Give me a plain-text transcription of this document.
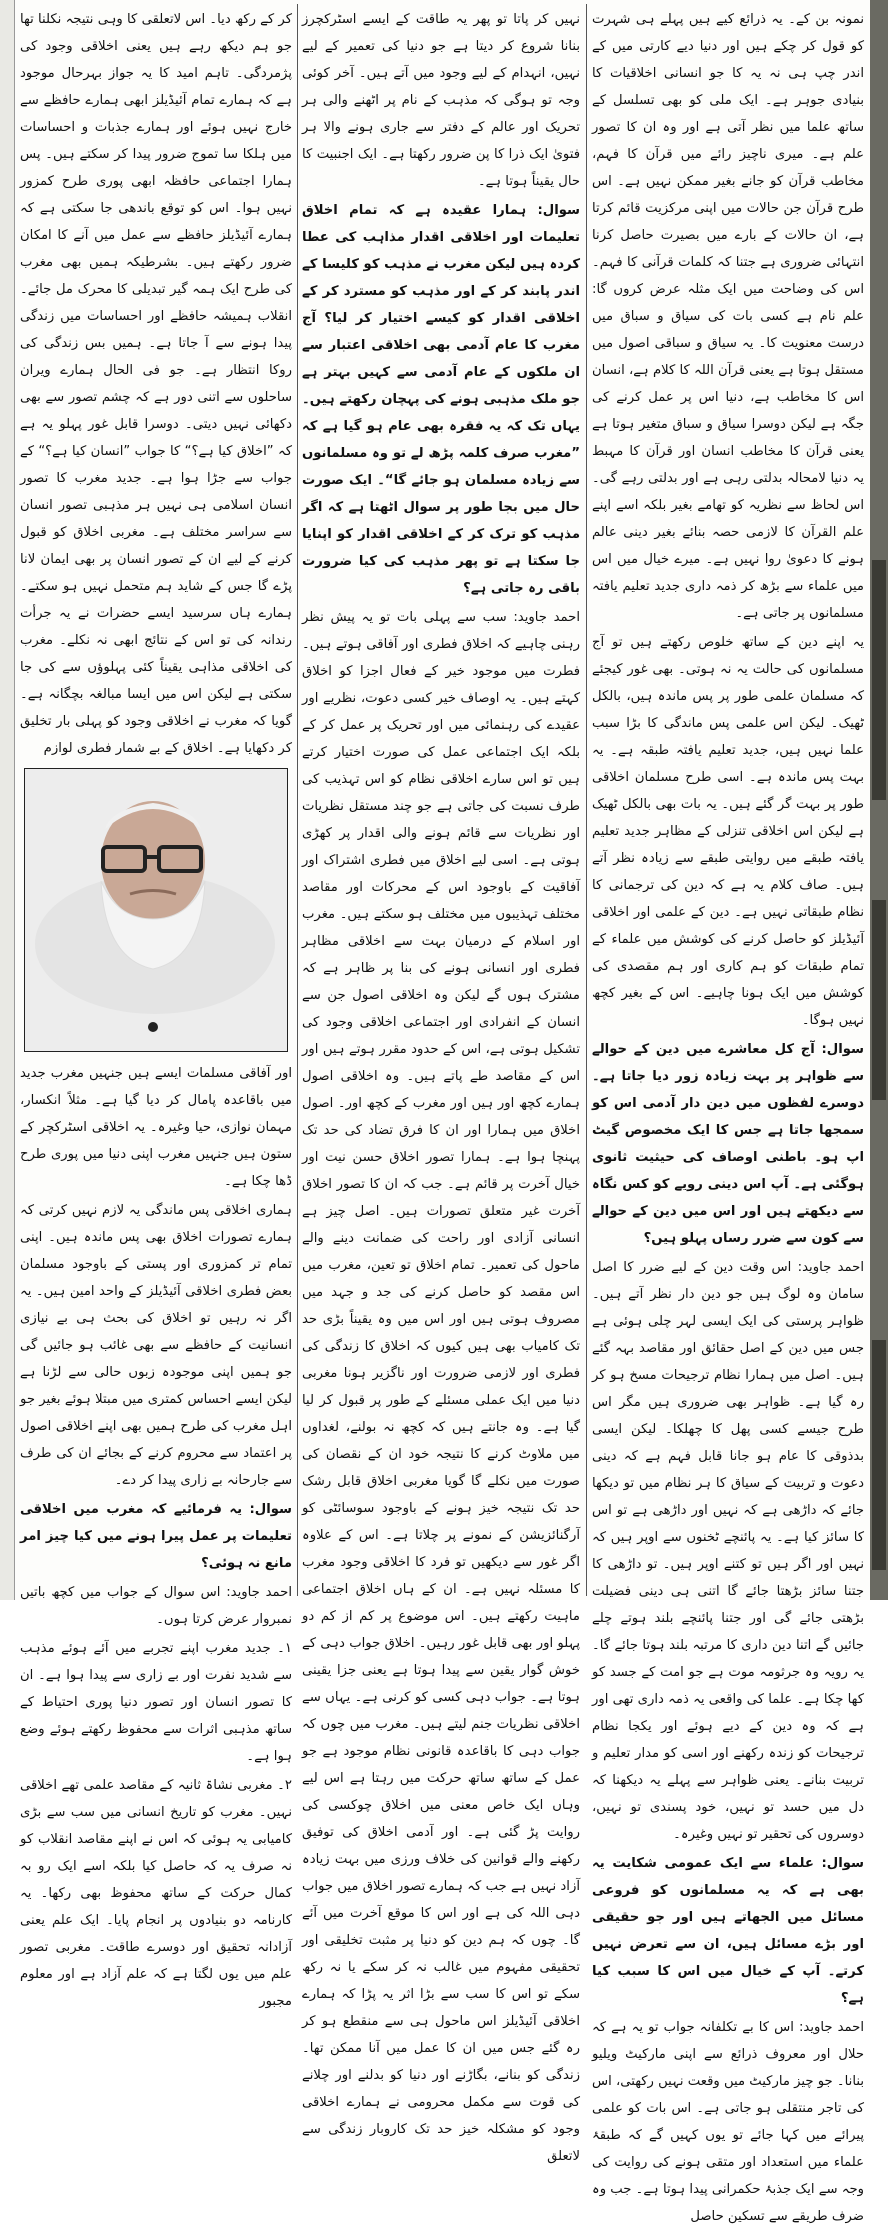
نمونہ بن کے۔ یہ ذرائع کیے ہیں پہلے ہی شہرت کو قول کر چکے ہیں اور دنیا دیے کارتی میں کے اندر چپ ہی نہ یہ کا جو انسانی اخلاقیات کا بنیادی جوہر ہے۔ ایک ملی کو بھی تسلسل کے ساتھ علما میں نظر آتی ہے اور وہ ان کا تصور علم ہے۔ میری ناچیز رائے میں قرآن کا فہم، مخاطب قرآن کو جانے بغیر ممکن نہیں ہے۔ اس طرح قرآن جن حالات میں اپنی مرکزیت قائم کرتا ہے، ان حالات کے بارے میں بصیرت حاصل کرنا انتہائی ضروری ہے جتنا کہ کلمات قرآنی کا فہم۔ اس کی وضاحت میں ایک مثلہ عرض کروں گا: علم نام ہے کسی بات کی سیاق و سباق میں درست معنویت کا۔ یہ سیاق و سباقی اصول میں مستقل ہوتا ہے یعنی قرآن اللہ کا کلام ہے، انسان اس کا مخاطب ہے، دنیا اس پر عمل کرنے کی جگہ ہے لیکن دوسرا سیاق و سباق متغیر ہوتا ہے یعنی قرآن کا مخاطب انسان اور قرآن کا مہبط یہ دنیا لامحالہ بدلتی رہی ہے اور بدلتی رہے گی۔ اس لحاظ سے نظریہ کو تھامے بغیر بلکہ اسے اپنے علم القرآن کا لازمی حصہ بنائے بغیر دینی عالم ہونے کا دعویٰ روا نہیں ہے۔ میرے خیال میں اس میں علماء سے بڑھ کر ذمہ داری جدید تعلیم یافتہ مسلمانوں پر جاتی ہے۔

یہ اپنے دین کے ساتھ خلوص رکھتے ہیں تو آج مسلمانوں کی حالت یہ نہ ہوتی۔ بھی غور کیجئے کہ مسلمان علمی طور پر پس ماندہ ہیں، بالکل ٹھیک۔ لیکن اس علمی پس ماندگی کا بڑا سبب علما نہیں ہیں، جدید تعلیم یافتہ طبقہ ہے۔ یہ بہت پس ماندہ ہے۔ اسی طرح مسلمان اخلاقی طور پر بہت گر گئے ہیں۔ یہ بات بھی بالکل ٹھیک ہے لیکن اس اخلاقی تنزلی کے مظاہر جدید تعلیم یافتہ طبقے میں روایتی طبقے سے زیادہ نظر آتے ہیں۔ صاف کلام یہ ہے کہ دین کی ترجمانی کا نظام طبقاتی نہیں ہے۔ دین کے علمی اور اخلاقی آئیڈیلز کو حاصل کرنے کی کوشش میں علماء کے تمام طبقات کو ہم کاری اور ہم مقصدی کی کوشش میں ایک ہونا چاہیے۔ اس کے بغیر کچھ نہیں ہوگا۔

سوال: آج کل معاشرے میں دین کے حوالے سے ظواہر پر بہت زیادہ زور دیا جاتا ہے۔ دوسرے لفظوں میں دین دار آدمی اس کو سمجھا جاتا ہے جس کا ایک مخصوص گیٹ اپ ہو۔ باطنی اوصاف کی حیثیت ثانوی ہوگئی ہے۔ آپ اس دینی رویے کو کس نگاہ سے دیکھتے ہیں اور اس میں دین کے حوالے سے کون سے ضرر رساں پہلو ہیں؟

احمد جاوید: اس وقت دین کے لیے ضرر کا اصل سامان وہ لوگ ہیں جو دین دار نظر آتے ہیں۔ ظواہر پرستی کی ایک ایسی لہر چلی ہوئی ہے جس میں دین کے اصل حقائق اور مقاصد بہہ گئے ہیں۔ اصل میں ہمارا نظام ترجیحات مسخ ہو کر رہ گیا ہے۔ ظواہر بھی ضروری ہیں مگر اس طرح جیسے کسی پھل کا چھلکا۔ لیکن ایسی بدذوقی کا عام ہو جانا قابل فہم ہے کہ دینی دعوت و تربیت کے سیاق کا ہر نظام میں تو دیکھا جائے کہ داڑھی ہے کہ نہیں اور داڑھی ہے تو اس کا سائز کیا ہے۔ یہ پائنچے ٹخنوں سے اوپر ہیں کہ نہیں اور اگر ہیں تو کتنے اوپر ہیں۔ تو داڑھی کا جتنا سائز بڑھتا جائے گا اتنی ہی دینی فضیلت بڑھتی جائے گی اور جتنا پائنچے بلند ہوتے چلے جائیں گے اتنا دین داری کا مرتبہ بلند ہوتا جائے گا۔ یہ رویہ وہ جرثومہ موت ہے جو امت کے جسد کو کھا چکا ہے۔ علما کی واقعی یہ ذمہ داری تھی اور ہے کہ وہ دین کے دیے ہوئے اور یکجا نظام ترجیحات کو زندہ رکھنے اور اسی کو مدار تعلیم و تربیت بنانے۔ یعنی ظواہر سے پہلے یہ دیکھنا کہ دل میں حسد تو نہیں، خود پسندی تو نہیں، دوسروں کی تحقیر تو نہیں وغیرہ۔

سوال: علماء سے ایک عمومی شکایت یہ بھی ہے کہ یہ مسلمانوں کو فروعی مسائل میں الجھاتے ہیں اور جو حقیقی اور بڑے مسائل ہیں، ان سے تعرض نہیں کرتے۔ آپ کے خیال میں اس کا سبب کیا ہے؟

احمد جاوید: اس کا بے تکلفانہ جواب تو یہ ہے کہ حلال اور معروف ذرائع سے اپنی مارکیٹ ویلیو بنانا۔ جو چیز مارکیٹ میں وقعت نہیں رکھتی، اس کی تاجر منتقلی ہو جاتی ہے۔ اس بات کو علمی پیرائے میں کہا جائے تو یوں کہیں گے کہ طبقۂ علماء میں استعداد اور متقی ہونے کی روایت کی وجہ سے ایک جذبۂ حکمرانی پیدا ہوتا ہے۔ جب وہ ضرف طریقے سے تسکین حاصل

نہیں کر پاتا تو پھر یہ طاقت کے ایسے اسٹرکچرز بنانا شروع کر دیتا ہے جو دنیا کی تعمیر کے لیے نہیں، انہدام کے لیے وجود میں آتے ہیں۔ آخر کوئی وجہ تو ہوگی کہ مذہب کے نام پر اٹھنے والی ہر تحریک اور عالم کے دفتر سے جاری ہونے والا ہر فتویٰ ایک ذرا کا پن ضرور رکھتا ہے۔ ایک اجنبیت کا حال یقیناً ہوتا ہے۔

سوال: ہمارا عقیدہ ہے کہ تمام اخلاق تعلیمات اور اخلاقی اقدار مذاہب کی عطا کردہ ہیں لیکن مغرب نے مذہب کو کلیسا کے اندر پابند کر کے اور مذہب کو مسترد کر کے اخلاقی اقدار کو کیسے اختیار کر لیا؟ آج مغرب کا عام آدمی بھی اخلاقی اعتبار سے ان ملکوں کے عام آدمی سے کہیں بہتر ہے جو ملک مذہبی ہونے کی پہچان رکھتے ہیں۔ یہاں تک کہ یہ فقرہ بھی عام ہو گیا ہے کہ ”مغرب صرف کلمہ پڑھ لے تو وہ مسلمانوں سے زیادہ مسلمان ہو جائے گا“۔ ایک صورت حال میں بجا طور پر سوال اٹھتا ہے کہ اگر مذہب کو ترک کر کے اخلاقی اقدار کو اپنایا جا سکتا ہے تو پھر مذہب کی کیا ضرورت باقی رہ جاتی ہے؟

احمد جاوید: سب سے پہلی بات تو یہ پیش نظر رہنی چاہیے کہ اخلاق فطری اور آفاقی ہوتے ہیں۔ فطرت میں موجود خیر کے فعال اجزا کو اخلاق کہتے ہیں۔ یہ اوصاف خیر کسی دعوت، نظریے اور عقیدے کی رہنمائی میں اور تحریک پر عمل کر کے بلکہ ایک اجتماعی عمل کی صورت اختیار کرتے ہیں تو اس سارے اخلاقی نظام کو اس تہذیب کی طرف نسبت کی جاتی ہے جو چند مستقل نظریات اور نظریات سے قائم ہونے والی اقدار پر کھڑی ہوتی ہے۔ اسی لیے اخلاق میں فطری اشتراک اور آفاقیت کے باوجود اس کے محرکات اور مقاصد مختلف تہذیبوں میں مختلف ہو سکتے ہیں۔ مغرب اور اسلام کے درمیان بہت سے اخلاقی مظاہر فطری اور انسانی ہونے کی بنا پر ظاہر ہے کہ مشترک ہوں گے لیکن وہ اخلاقی اصول جن سے انسان کے انفرادی اور اجتماعی اخلاقی وجود کی تشکیل ہوتی ہے، اس کے حدود مقرر ہوتے ہیں اور اس کے مقاصد طے پاتے ہیں۔ وہ اخلاقی اصول ہمارے کچھ اور ہیں اور مغرب کے کچھ اور۔ اصول اخلاق میں ہمارا اور ان کا فرق تضاد کی حد تک پہنچا ہوا ہے۔ ہمارا تصور اخلاق حسن نیت اور خیال آخرت پر قائم ہے۔ جب کہ ان کا تصور اخلاق آخرت غیر متعلق تصورات ہیں۔ اصل چیز ہے انسانی آزادی اور راحت کی ضمانت دینے والے ماحول کی تعمیر۔ تمام اخلاق تو تعین، مغرب میں اس مقصد کو حاصل کرنے کی جد و جہد میں مصروف ہوتی ہیں اور اس میں وہ یقیناً بڑی حد تک کامیاب بھی ہیں کیوں کہ اخلاق کا زندگی کی فطری اور لازمی ضرورت اور ناگزیر ہونا مغربی دنیا میں ایک عملی مسئلے کے طور پر قبول کر لیا گیا ہے۔ وہ جانتے ہیں کہ کچھ نہ بولنے، لغداوں میں ملاوٹ کرنے کا نتیجہ خود ان کے نقصان کی صورت میں نکلے گا گویا مغربی اخلاق قابل رشک حد تک نتیجہ خیز ہونے کے باوجود سوسائٹی کو آرگنائزیشن کے نمونے پر چلاتا ہے۔ اس کے علاوہ اگر غور سے دیکھیں تو فرد کا اخلاقی وجود مغرب کا مسئلہ نہیں ہے۔ ان کے ہاں اخلاق اجتماعی ماہیت رکھتے ہیں۔ اس موضوع پر کم از کم دو پہلو اور بھی قابل غور رہیں۔ اخلاق جواب دہی کے خوش گوار یقین سے پیدا ہوتا ہے یعنی جزا یقینی ہوتا ہے۔ جواب دہی کسی کو کرنی ہے۔ یہاں سے اخلاقی نظریات جنم لیتے ہیں۔ مغرب میں چوں کہ جواب دہی کا باقاعدہ قانونی نظام موجود ہے جو عمل کے ساتھ ساتھ حرکت میں رہتا ہے اس لیے وہاں ایک خاص معنی میں اخلاق چوکسی کی روایت پڑ گئی ہے۔ اور آدمی اخلاق کی توفیق رکھنے والے قوانین کی خلاف ورزی میں بہت زیادہ آزاد نہیں ہے جب کہ ہمارے تصور اخلاق میں جواب دہی اللہ کی ہے اور اس کا موقع آخرت میں آئے گا۔ چوں کہ ہم دین کو دنیا پر مثبت تخلیقی اور تحقیقی مفہوم میں غالب نہ کر سکے یا نہ رکھ سکے تو اس کا سب سے بڑا اثر یہ پڑا کہ ہمارے اخلاقی آئیڈیلز اس ماحول ہی سے منقطع ہو کر رہ گئے جس میں ان کا عمل میں آنا ممکن تھا۔ زندگی کو بنانے، بگاڑنے اور دنیا کو بدلنے اور چلانے کی قوت سے مکمل محرومی نے ہمارے اخلاقی وجود کو مشکلہ خیز حد تک کاروبار زندگی سے لاتعلق

کر کے رکھ دیا۔ اس لاتعلقی کا وہی نتیجہ نکلنا تھا جو ہم دیکھ رہے ہیں یعنی اخلاقی وجود کی پژمردگی۔ تاہم امید کا یہ جواز بہرحال موجود ہے کہ ہمارے تمام آئیڈیلز ابھی ہمارے حافظے سے خارج نہیں ہوئے اور ہمارے جذبات و احساسات میں ہلکا سا تموج ضرور پیدا کر سکتے ہیں۔ پس ہمارا اجتماعی حافظہ ابھی پوری طرح کمزور نہیں ہوا۔ اس کو توقع باندھی جا سکتی ہے کہ ہمارے آئیڈیلز حافظے سے عمل میں آنے کا امکان ضرور رکھتے ہیں۔ بشرطیکہ ہمیں بھی مغرب کی طرح ایک ہمہ گیر تبدیلی کا محرک مل جائے۔ انقلاب ہمیشہ حافظے اور احساسات میں زندگی پیدا ہونے سے آ جاتا ہے۔ ہمیں بس زندگی کی روکا انتظار ہے۔ جو فی الحال ہمارے ویران ساحلوں سے اتنی دور ہے کہ چشم تصور سے بھی دکھائی نہیں دیتی۔ دوسرا قابل غور پہلو یہ ہے کہ ”اخلاق کیا ہے؟“ کا جواب ”انسان کیا ہے؟“ کے جواب سے جڑا ہوا ہے۔ جدید مغرب کا تصور انسان اسلامی ہی نہیں ہر مذہبی تصور انسان سے سراسر مختلف ہے۔ مغربی اخلاق کو قبول کرنے کے لیے ان کے تصور انسان پر بھی ایمان لانا پڑے گا جس کے شاید ہم متحمل نہیں ہو سکتے۔ ہمارے ہاں سرسید ایسے حضرات نے یہ جرأت رندانہ کی تو اس کے نتائج ابھی نہ نکلے۔ مغرب کی اخلاقی مذاہی یقیناً کئی پہلوؤں سے کی جا سکتی ہے لیکن اس میں ایسا مبالغہ بچگانہ ہے۔ گویا کہ مغرب نے اخلاقی وجود کو پہلی بار تخلیق کر دکھایا ہے۔ اخلاق کے بے شمار فطری لوازم

اور آفاقی مسلمات ایسے ہیں جنہیں مغرب جدید میں باقاعدہ پامال کر دیا گیا ہے۔ مثلاً انکسار، مہمان نوازی، حیا وغیرہ۔ یہ اخلاقی اسٹرکچر کے ستون ہیں جنہیں مغرب اپنی دنیا میں پوری طرح ڈھا چکا ہے۔

ہماری اخلاقی پس ماندگی یہ لازم نہیں کرتی کہ ہمارے تصورات اخلاق بھی پس ماندہ ہیں۔ اپنی تمام تر کمزوری اور پستی کے باوجود مسلمان بعض فطری اخلاقی آئیڈیلز کے واحد امین ہیں۔ یہ اگر نہ رہیں تو اخلاق کی بحث ہی بے نیازی انسانیت کے حافظے سے بھی غائب ہو جائیں گی جو ہمیں اپنی موجودہ زبوں حالی سے لڑنا ہے لیکن ایسے احساس کمتری میں مبتلا ہوئے بغیر جو اہل مغرب کی طرح ہمیں بھی اپنے اخلاقی اصول پر اعتماد سے محروم کرنے کے بجائے ان کی طرف سے جارحانہ بے زاری پیدا کر دے۔

سوال: یہ فرمائیے کہ مغرب میں اخلاقی تعلیمات پر عمل پیرا ہونے میں کیا چیز امر مانع نہ ہوئی؟

احمد جاوید: اس سوال کے جواب میں کچھ باتیں نمبروار عرض کرتا ہوں۔

۱۔ جدید مغرب اپنے تجربے میں آئے ہوئے مذہب سے شدید نفرت اور بے زاری سے پیدا ہوا ہے۔ ان کا تصور انسان اور تصور دنیا پوری احتیاط کے ساتھ مذہبی اثرات سے محفوظ رکھتے ہوئے وضع ہوا ہے۔

۲۔ مغربی نشاۃ ثانیہ کے مقاصد علمی تھے اخلاقی نہیں۔ مغرب کو تاریخ انسانی میں سب سے بڑی کامیابی یہ ہوئی کہ اس نے اپنے مقاصد انقلاب کو نہ صرف یہ کہ حاصل کیا بلکہ اسے ایک رو بہ کمال حرکت کے ساتھ محفوظ بھی رکھا۔ یہ کارنامہ دو بنیادوں پر انجام پایا۔ ایک علم یعنی آزادانہ تحقیق اور دوسرے طاقت۔ مغربی تصور علم میں یوں لگتا ہے کہ علم آزاد ہے اور معلوم مجبور
